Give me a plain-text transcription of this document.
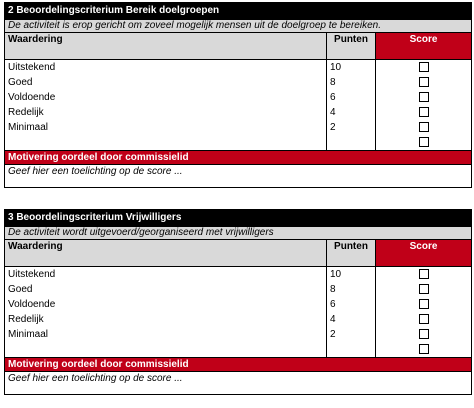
2 Beoordelingscriterium Bereik doelgroepen		
De activiteit is erop gericht om zoveel mogelijk mensen uit de doelgroep te bereiken.		
Waardering	Punten	Score
Uitstekend	10	
Goed	8	
Voldoende	6	
Redelijk	4	
Minimaal	2	

Motivering oordeel door commissielid		
Geef hier een toelichting op de score ...		
3 Beoordelingscriterium Vrijwilligers		
De activiteit wordt uitgevoerd/georganiseerd met vrijwilligers		
Waardering	Punten	Score
Uitstekend	10	
Goed	8	
Voldoende	6	
Redelijk	4	
Minimaal	2	

Motivering oordeel door commissielid		
Geef hier een toelichting op de score ...		
